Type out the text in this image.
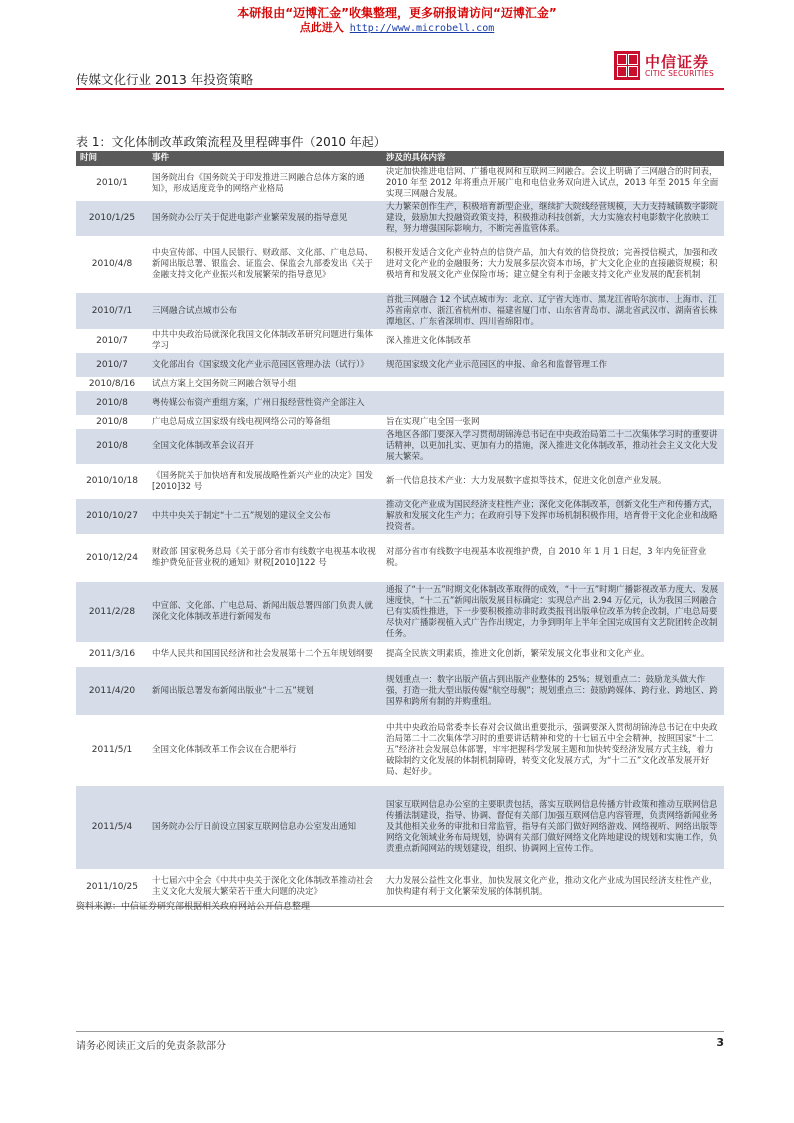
本研报由“迈博汇金”收集整理，更多研报请访问“迈博汇金”
点此进入 http://www.microbell.com
传媒文化行业 2013 年投资策略
中信证券
CITIC SECURITIES
表 1：文化体制改革政策流程及里程碑事件（2010 年起）
时间	事件	涉及的具体内容
2010/1	国务院出台《国务院关于印发推进三网融合总体方案的通知》，形成适度竞争的网络产业格局	决定加快推进电信网、广播电视网和互联网三网融合。会议上明确了三网融合的时间表，2010 年至 2012 年将重点开展广电和电信业务双向进入试点，2013 年至 2015 年全面实现三网融合发展。
2010/1/25	国务院办公厅关于促进电影产业繁荣发展的指导意见	大力繁荣创作生产，积极培育新型企业，继续扩大院线经营规模，大力支持城镇数字影院建设，鼓励加大投融资政策支持，积极推动科技创新，大力实施农村电影数字化放映工程，努力增强国际影响力，不断完善监管体系。
2010/4/8	中央宣传部、中国人民银行、财政部、文化部、广电总局、新闻出版总署、银监会、证监会、保监会九部委发出《关于金融支持文化产业振兴和发展繁荣的指导意见》	积极开发适合文化产业特点的信贷产品，加大有效的信贷投放；完善授信模式，加强和改进对文化产业的金融服务；大力发展多层次资本市场，扩大文化企业的直接融资规模；积极培育和发展文化产业保险市场；建立健全有利于金融支持文化产业发展的配套机制
2010/7/1	三网融合试点城市公布	首批三网融合 12 个试点城市为：北京、辽宁省大连市、黑龙江省哈尔滨市、上海市、江苏省南京市、浙江省杭州市、福建省厦门市、山东省青岛市、湖北省武汉市、湖南省长株潭地区、广东省深圳市、四川省绵阳市。
2010/7	中共中央政治局就深化我国文化体制改革研究问题进行集体学习	深入推进文化体制改革
2010/7	文化部出台《国家级文化产业示范园区管理办法（试行）》	规范国家级文化产业示范园区的申报、命名和监督管理工作
2010/8/16	试点方案上交国务院三网融合领导小组	
2010/8	粤传媒公布资产重组方案，广州日报经营性资产全部注入	
2010/8	广电总局成立国家级有线电视网络公司的筹备组	旨在实现广电全国一张网
2010/8	全国文化体制改革会议召开	各地区各部门要深入学习贯彻胡锦涛总书记在中央政治局第二十二次集体学习时的重要讲话精神，以更加扎实、更加有力的措施，深入推进文化体制改革，推动社会主义文化大发展大繁荣。
2010/10/18	《国务院关于加快培育和发展战略性新兴产业的决定》国发[2010]32 号	新一代信息技术产业：大力发展数字虚拟等技术，促进文化创意产业发展。
2010/10/27	中共中央关于制定“十二五”规划的建议全文公布	推动文化产业成为国民经济支柱性产业；深化文化体制改革，创新文化生产和传播方式，解放和发展文化生产力；在政府引导下发挥市场机制积极作用，培育骨干文化企业和战略投资者。
2010/12/24	财政部 国家税务总局《关于部分省市有线数字电视基本收视维护费免征营业税的通知》财税[2010]122 号	对部分省市有线数字电视基本收视维护费，自 2010 年 1 月 1 日起，3 年内免征营业税。
2011/2/28	中宣部、文化部、广电总局、新闻出版总署四部门负责人就深化文化体制改革进行新闻发布	通报了“十一五”时期文化体制改革取得的成效，“十一五”时期广播影视改革力度大、发展速度快，“十二五”新闻出版发展目标确定：实现总产出 2.94 万亿元，认为我国三网融合已有实质性推进，下一步要积极推动非时政类报刊出版单位改革为转企改制，广电总局要尽快对广播影视植入式广告作出规定，力争到明年上半年全国完成国有文艺院团转企改制任务。
2011/3/16	中华人民共和国国民经济和社会发展第十二个五年规划纲要	提高全民族文明素质，推进文化创新，繁荣发展文化事业和文化产业。
2011/4/20	新闻出版总署发布新闻出版业“十二五”规划	规划重点一：数字出版产值占到出版产业整体的 25%；规划重点二：鼓励龙头做大作强，打造一批大型出版传媒“航空母舰”；规划重点三：鼓励跨媒体、跨行业、跨地区、跨国界和跨所有制的并购重组。
2011/5/1	全国文化体制改革工作会议在合肥举行	中共中央政治局常委李长春对会议做出重要批示，强调要深入贯彻胡锦涛总书记在中央政治局第二十二次集体学习时的重要讲话精神和党的十七届五中全会精神，按照国家“十二五”经济社会发展总体部署，牢牢把握科学发展主题和加快转变经济发展方式主线，着力破除制约文化发展的体制机制障碍，转变文化发展方式，为“十二五”文化改革发展开好局、起好步。
2011/5/4	国务院办公厅日前设立国家互联网信息办公室发出通知	国家互联网信息办公室的主要职责包括，落实互联网信息传播方针政策和推动互联网信息传播法制建设，指导、协调、督促有关部门加强互联网信息内容管理，负责网络新闻业务及其他相关业务的审批和日常监管，指导有关部门做好网络游戏、网络视听、网络出版等网络文化领域业务布局规划，协调有关部门做好网络文化阵地建设的规划和实施工作，负责重点新闻网站的规划建设，组织、协调网上宣传工作。
2011/10/25	十七届六中全会《中共中央关于深化文化体制改革推动社会主义文化大发展大繁荣若干重大问题的决定》	大力发展公益性文化事业，加快发展文化产业，推动文化产业成为国民经济支柱性产业，加快构建有利于文化繁荣发展的体制机制。
资料来源：中信证券研究部根据相关政府网站公开信息整理
请务必阅读正文后的免责条款部分	3
